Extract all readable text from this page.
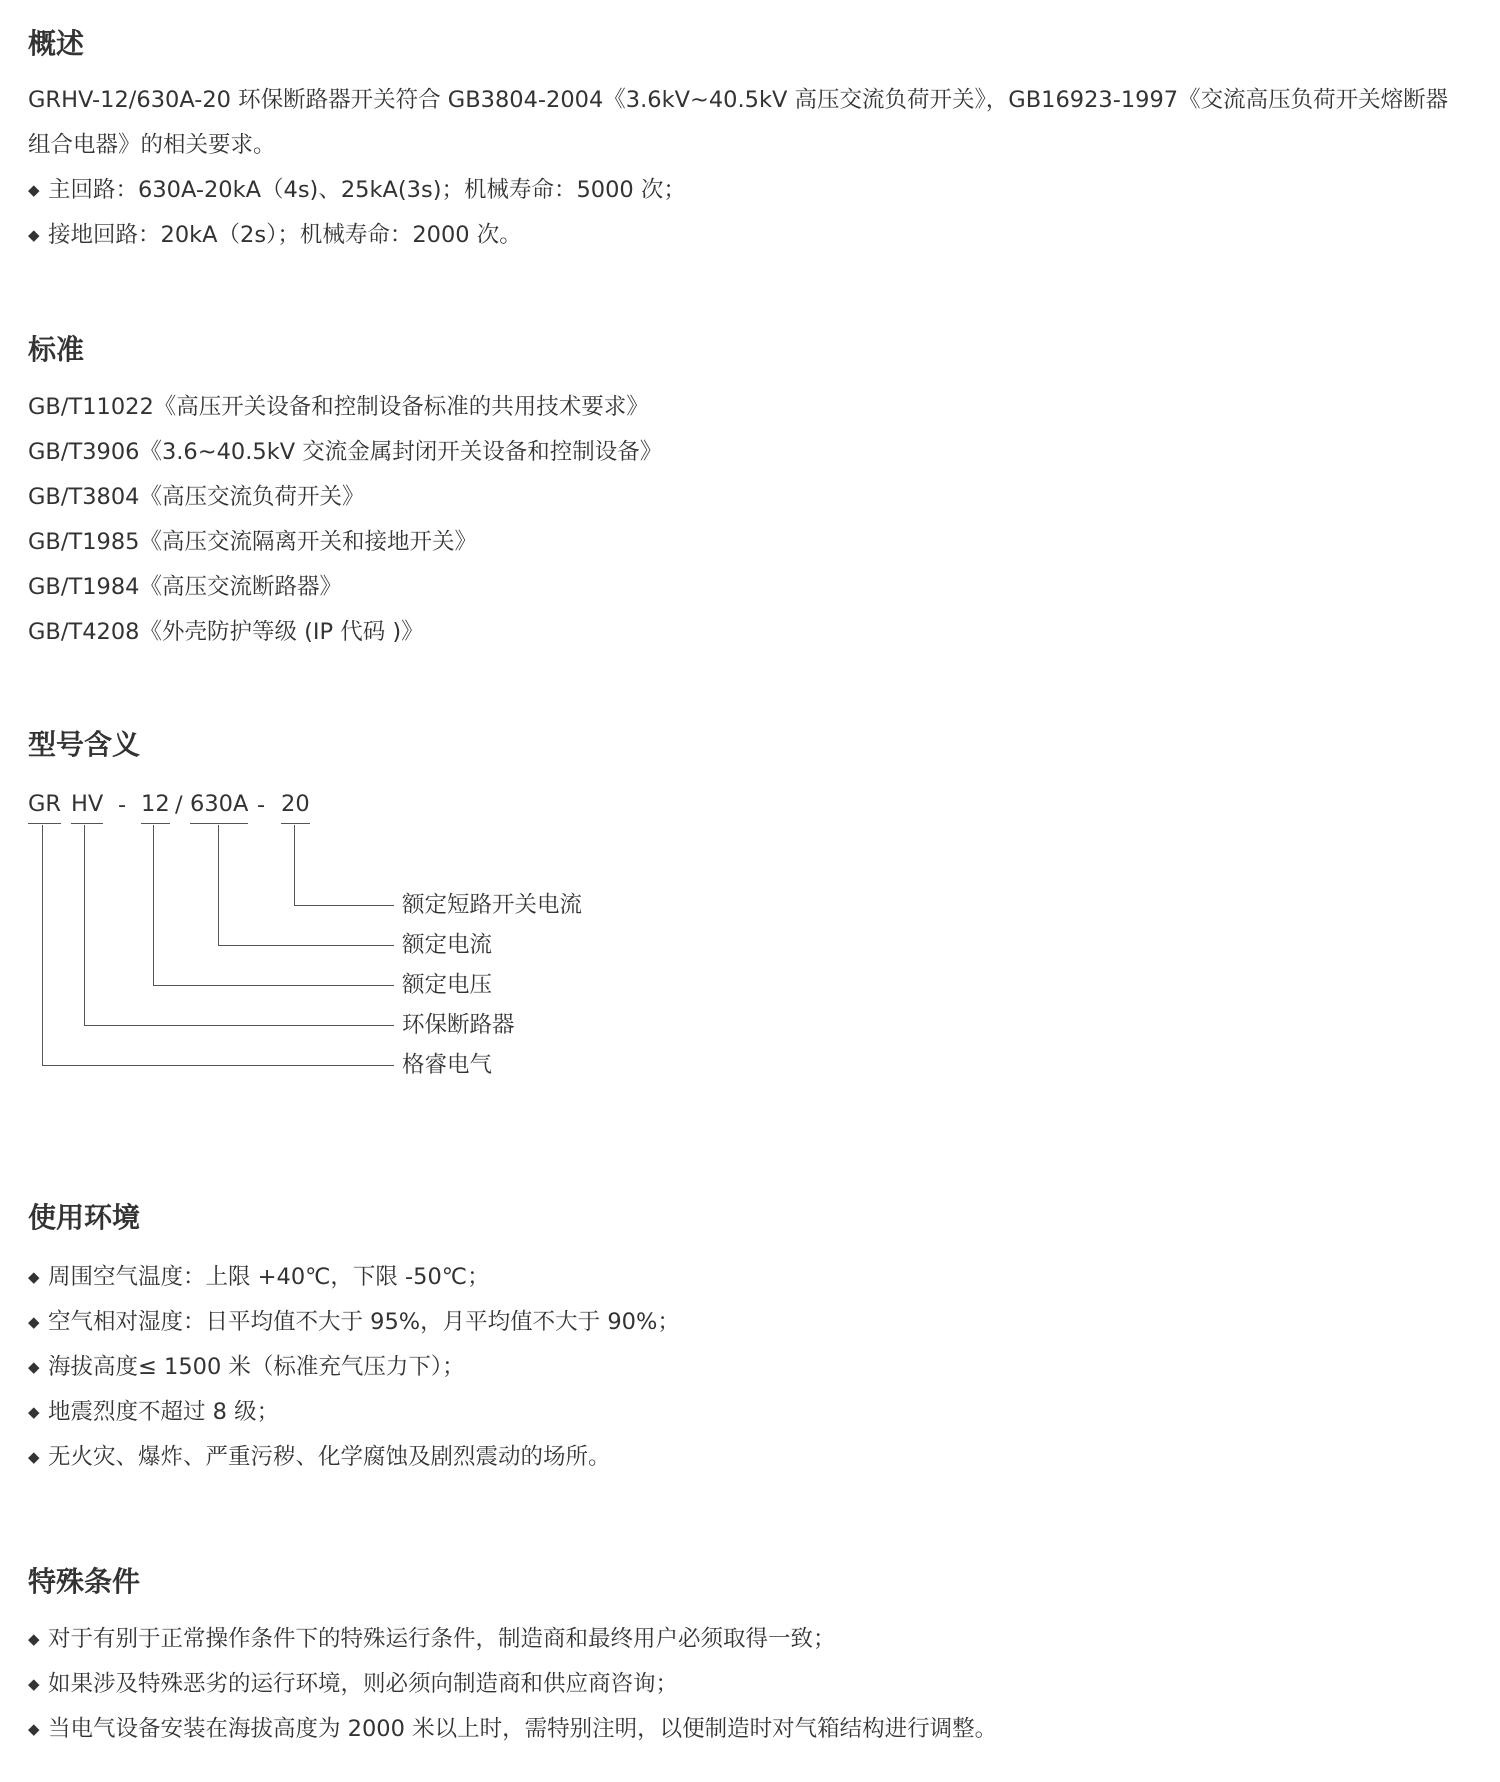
概述

GRHV-12/630A-20 环保断路器开关符合 GB3804-2004《3.6kV~40.5kV 高压交流负荷开关》，GB16923-1997《交流高压负荷开关熔断器组合电器》的相关要求。

◆ 主回路：630A-20kA（4s)、25kA(3s)；机械寿命：5000 次；
◆ 接地回路：20kA（2s）；机械寿命：2000 次。
标准
GB/T11022《高压开关设备和控制设备标准的共用技术要求》
GB/T3906《3.6~40.5kV 交流金属封闭开关设备和控制设备》
GB/T3804《高压交流负荷开关》
GB/T1985《高压交流隔离开关和接地开关》
GB/T1984《高压交流断路器》
GB/T4208《外壳防护等级 (IP 代码 )》
型号含义
GR HV - 12 / 630A - 20
额定短路开关电流
额定电流
额定电压
环保断路器
格睿电气
使用环境
◆ 周围空气温度：上限 +40℃，下限 -50℃；
◆ 空气相对湿度：日平均值不大于 95%，月平均值不大于 90%；
◆ 海拔高度≤ 1500 米（标准充气压力下）；
◆ 地震烈度不超过 8 级；
◆ 无火灾、爆炸、严重污秽、化学腐蚀及剧烈震动的场所。
特殊条件
◆ 对于有别于正常操作条件下的特殊运行条件，制造商和最终用户必须取得一致；
◆ 如果涉及特殊恶劣的运行环境，则必须向制造商和供应商咨询；
◆ 当电气设备安装在海拔高度为 2000 米以上时，需特别注明，以便制造时对气箱结构进行调整。
